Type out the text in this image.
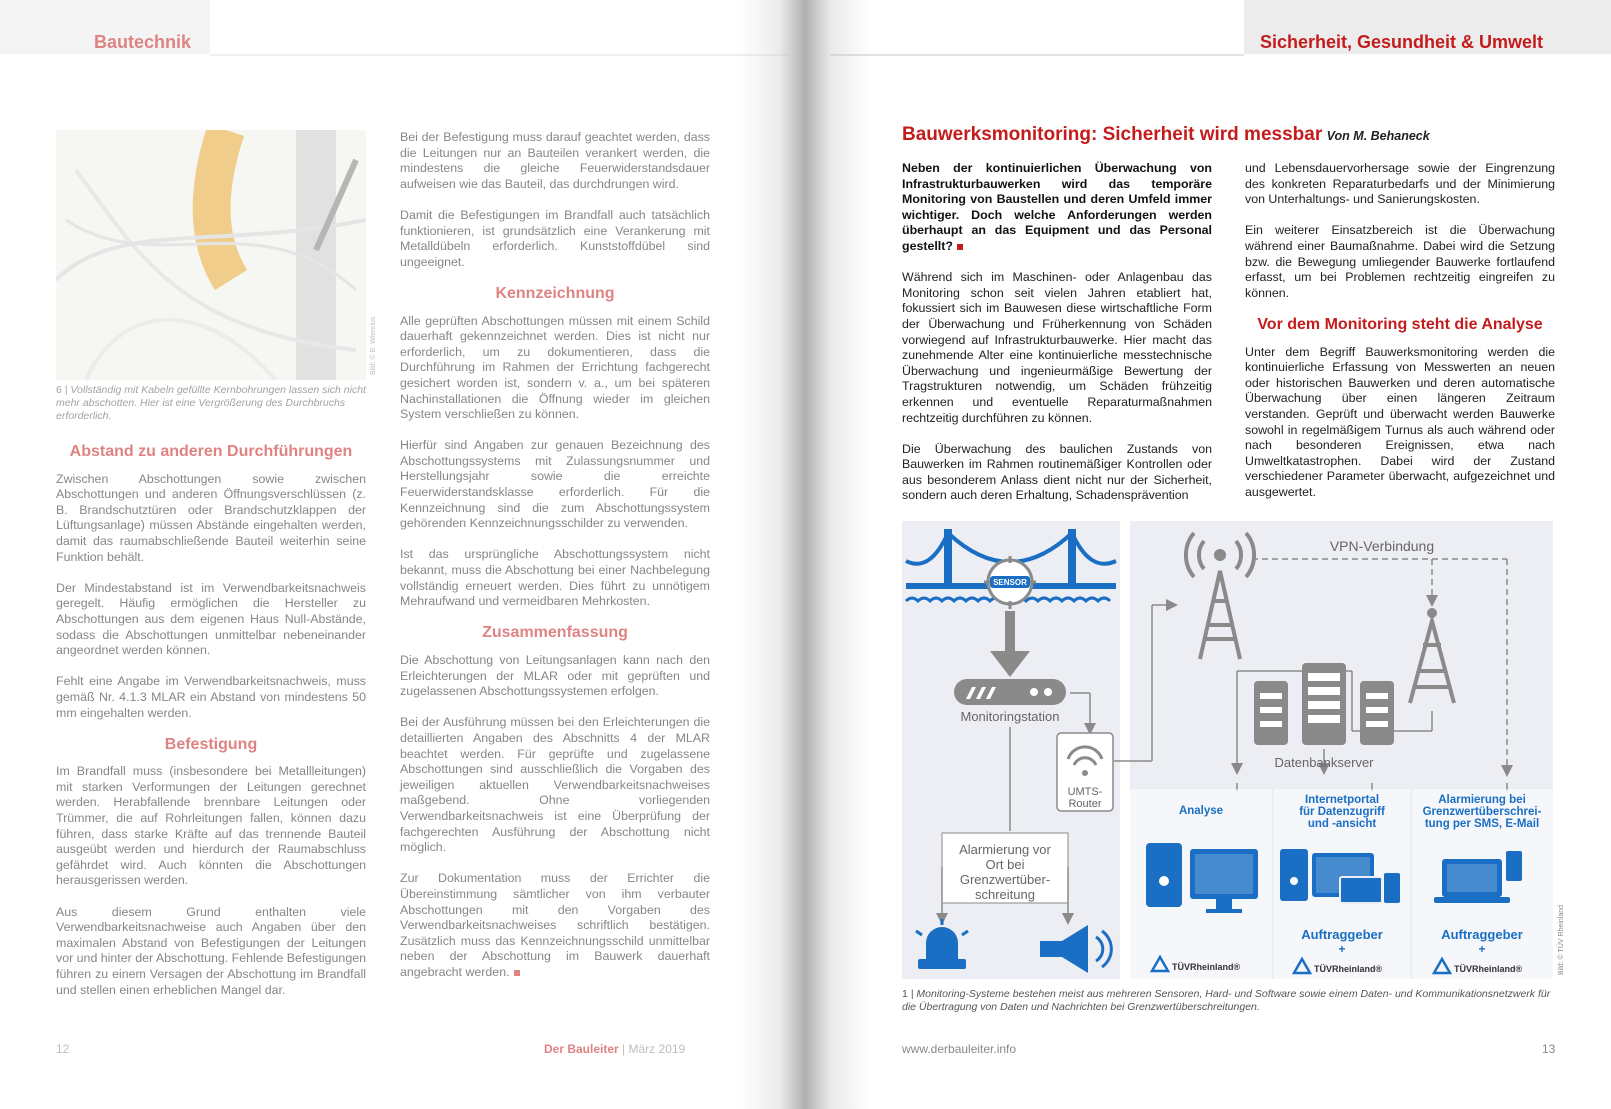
Bautechnik
Bild: © B. Wienrius
6 | Vollständig mit Kabeln gefüllte Kernbohrungen lassen sich nicht mehr abschotten. Hier ist eine Vergrößerung des Durchbruchs erforderlich.
Abstand zu anderen Durchführungen

Zwischen Abschottungen sowie zwischen Abschottungen und anderen Öffnungsverschlüssen (z. B. Brandschutztüren oder Brandschutzklappen der Lüftungsanlage) müssen Abstände eingehalten werden, damit das raumabschließende Bauteil weiterhin seine Funktion behält.

Der Mindestabstand ist im Verwendbarkeitsnachweis geregelt. Häufig ermöglichen die Hersteller zu Abschottungen aus dem eigenen Haus Null-Abstände, sodass die Abschottungen unmittelbar nebeneinander angeordnet werden können.

Fehlt eine Angabe im Verwendbarkeitsnachweis, muss gemäß Nr. 4.1.3 MLAR ein Abstand von mindestens 50 mm eingehalten werden.

Befestigung

Im Brandfall muss (insbesondere bei Metallleitungen) mit starken Verformungen der Leitungen gerechnet werden. Herabfallende brennbare Leitungen oder Trümmer, die auf Rohrleitungen fallen, können dazu führen, dass starke Kräfte auf das trennende Bauteil ausgeübt werden und hierdurch der Raumabschluss gefährdet wird. Auch könnten die Abschottungen herausgerissen werden.

Aus diesem Grund enthalten viele Verwendbarkeitsnachweise auch Angaben über den maximalen Abstand von Befestigungen der Leitungen vor und hinter der Abschottung. Fehlende Befestigungen führen zu einem Versagen der Abschottung im Brandfall und stellen einen erheblichen Mangel dar.

Bei der Befestigung muss darauf geachtet werden, dass die Leitungen nur an Bauteilen verankert werden, die mindestens die gleiche Feuerwiderstandsdauer aufweisen wie das Bauteil, das durchdrungen wird.

Damit die Befestigungen im Brandfall auch tatsächlich funktionieren, ist grundsätzlich eine Verankerung mit Metalldübeln erforderlich. Kunststoffdübel sind ungeeignet.

Kennzeichnung

Alle geprüften Abschottungen müssen mit einem Schild dauerhaft gekennzeichnet werden. Dies ist nicht nur erforderlich, um zu dokumentieren, dass die Durchführung im Rahmen der Errichtung fachgerecht gesichert worden ist, sondern v. a., um bei späteren Nachinstallationen die Öffnung wieder im gleichen System verschließen zu können.

Hierfür sind Angaben zur genauen Bezeichnung des Abschottungssystems mit Zulassungsnummer und Herstellungsjahr sowie die erreichte Feuerwiderstandsklasse erforderlich. Für die Kennzeichnung sind die zum Abschottungssystem gehörenden Kennzeichnungsschilder zu verwenden.

Ist das ursprüngliche Abschottungssystem nicht bekannt, muss die Abschottung bei einer Nachbelegung vollständig erneuert werden. Dies führt zu unnötigem Mehraufwand und vermeidbaren Mehrkosten.

Zusammenfassung

Die Abschottung von Leitungsanlagen kann nach den Erleichterungen der MLAR oder mit geprüften und zugelassenen Abschottungssystemen erfolgen.

Bei der Ausführung müssen bei den Erleichterungen die detaillierten Angaben des Abschnitts 4 der MLAR beachtet werden. Für geprüfte und zugelassene Abschottungen sind ausschließlich die Vorgaben des jeweiligen aktuellen Verwendbarkeitsnachweises maßgebend. Ohne vorliegenden Verwendbarkeitsnachweis ist eine Überprüfung der fachgerechten Ausführung der Abschottung nicht möglich.

Zur Dokumentation muss der Errichter die Übereinstimmung sämtlicher von ihm verbauter Abschottungen mit den Vorgaben des Verwendbarkeitsnachweises schriftlich bestätigen. Zusätzlich muss das Kennzeichnungsschild unmittelbar neben der Abschottung im Bauwerk dauerhaft angebracht werden.

12	Der Bauleiter | März 2019
Sicherheit, Gesundheit & Umwelt
Bauwerksmonitoring: Sicherheit wird messbar Von M. Behaneck

Neben der kontinuierlichen Überwachung von Infrastrukturbauwerken wird das temporäre Monitoring von Baustellen und deren Umfeld immer wichtiger. Doch welche Anforderungen werden überhaupt an das Equipment und das Personal gestellt?

Während sich im Maschinen- oder Anlagenbau das Monitoring schon seit vielen Jahren etabliert hat, fokussiert sich im Bauwesen diese wirtschaftliche Form der Überwachung und Früherkennung von Schäden vorwiegend auf Infrastrukturbauwerke. Hier macht das zunehmende Alter eine kontinuierliche messtechnische Überwachung und ingenieurmäßige Bewertung der Tragstrukturen notwendig, um Schäden frühzeitig erkennen und eventuelle Reparaturmaßnahmen rechtzeitig durchführen zu können.

Die Überwachung des baulichen Zustands von Bauwerken im Rahmen routinemäßiger Kontrollen oder aus besonderem Anlass dient nicht nur der Sicherheit, sondern auch deren Erhaltung, Schadensprävention

und Lebensdauervorhersage sowie der Eingrenzung des konkreten Reparaturbedarfs und der Minimierung von Unterhaltungs- und Sanierungskosten.

Ein weiterer Einsatzbereich ist die Überwachung während einer Baumaßnahme. Dabei wird die Setzung bzw. die Bewegung umliegender Bauwerke fortlaufend erfasst, um bei Problemen rechtzeitig eingreifen zu können.

Vor dem Monitoring steht die Analyse

Unter dem Begriff Bauwerksmonitoring werden die kontinuierliche Erfassung von Messwerten an neuen oder historischen Bauwerken und deren automatische Überwachung über einen längeren Zeitraum verstanden. Geprüft und überwacht werden Bauwerke sowohl in regelmäßigem Turnus als auch während oder nach besonderen Ereignissen, etwa nach Umweltkatastrophen. Dabei wird der Zustand verschiedener Parameter überwacht, aufgezeichnet und ausgewertet.

1 | Monitoring-Systeme bestehen meist aus mehreren Sensoren, Hard- und Software sowie einem Daten- und Kommunikationsnetzwerk für die Übertragung von Daten und Nachrichten bei Grenzwertüberschreitungen.
www.derbauleiter.info	13
SENSOR
Monitoringstation
UMTS-
Router
Alarmierung vor
Ort bei
Grenzwertüber-
schreitung
VPN-Verbindung
Datenbankserver
Analyse
Internetportal
für Datenzugriff
und -ansicht
Alarmierung bei
Grenzwertüberschrei-
tung per SMS, E-Mail
Auftraggeber
+
Auftraggeber
+
TÜVRheinland®	TÜVRheinland®	TÜVRheinland®	Bild: © TÜV Rheinland
